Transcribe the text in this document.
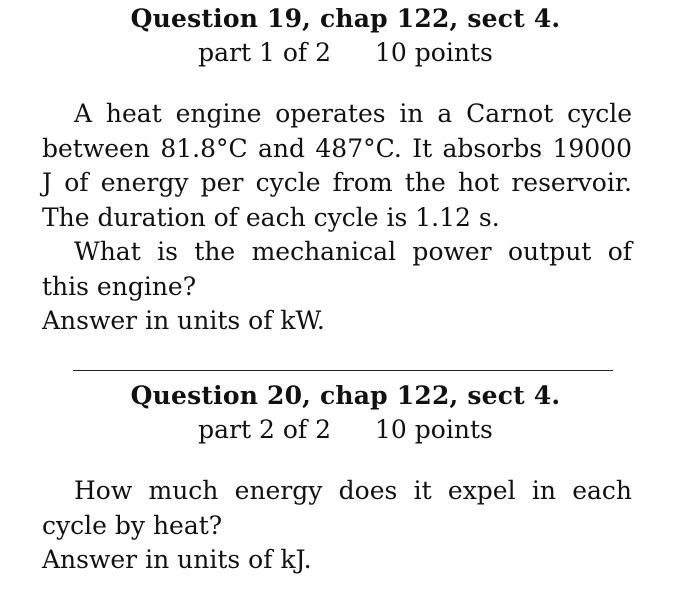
Question 19, chap 122, sect 4.
part 1 of 2 10 points

A heat engine operates in a Carnot cycle between 81.8°C and 487°C. It absorbs 19000 J of energy per cycle from the hot reservoir. The duration of each cycle is 1.12 s.

What is the mechanical power output of this engine?

Answer in units of kW.

Question 20, chap 122, sect 4.
part 2 of 2 10 points

How much energy does it expel in each cycle by heat?

Answer in units of kJ.
